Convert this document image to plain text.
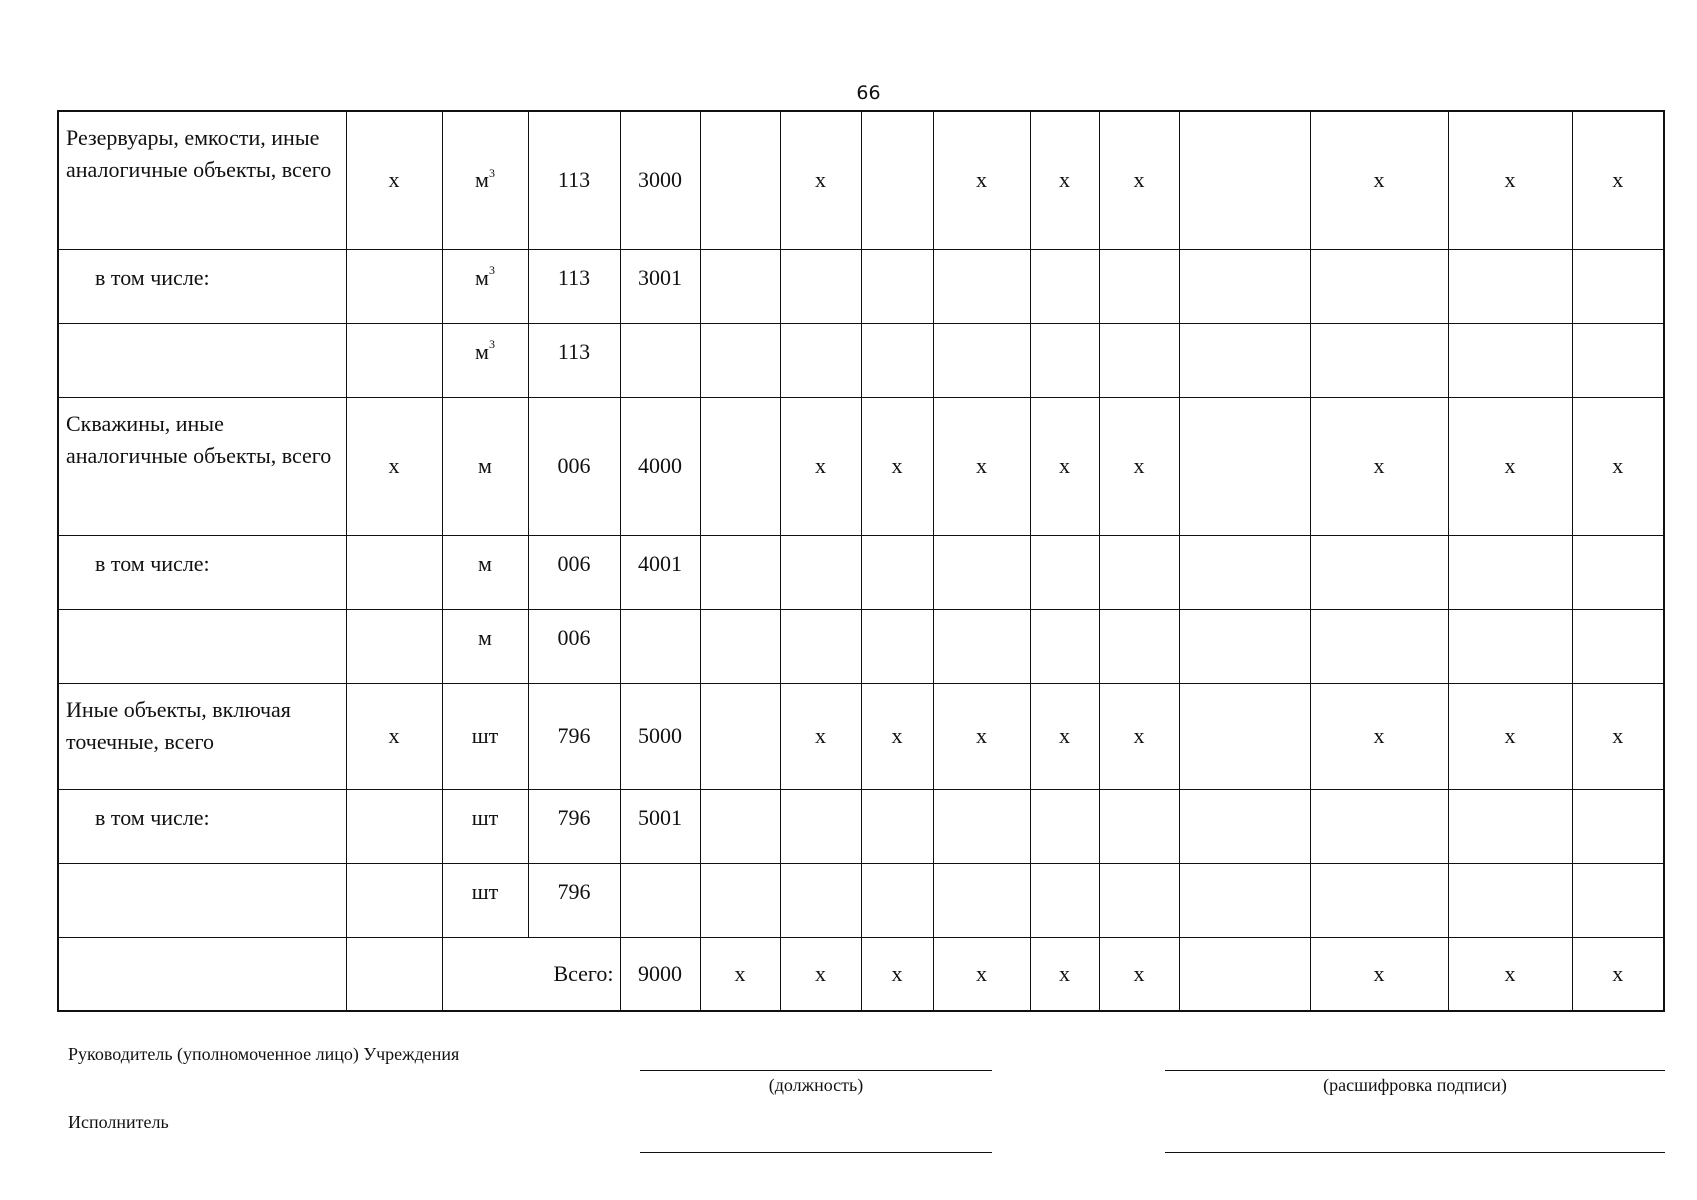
66
Резервуары, емкости, иные аналогичные объекты, всего	х	$м^3$	113	3000		х		х	х	х		х	х	х
в том числе:		$м^3$	113	3001										
		$м^3$	113											
Скважины, иные аналогичные объекты, всего	х	м	006	4000		х	х	х	х	х		х	х	х
в том числе:		м	006	4001										
		м	006											
Иные объекты, включая точечные, всего	х	шт	796	5000		х	х	х	х	х		х	х	х
в том числе:		шт	796	5001										
		шт	796											
		Всего:		9000	х	х	х	х	х	х		х	х	х
Руководитель (уполномоченное лицо) Учреждения
(должность)	(расшифровка подписи)
Исполнитель
